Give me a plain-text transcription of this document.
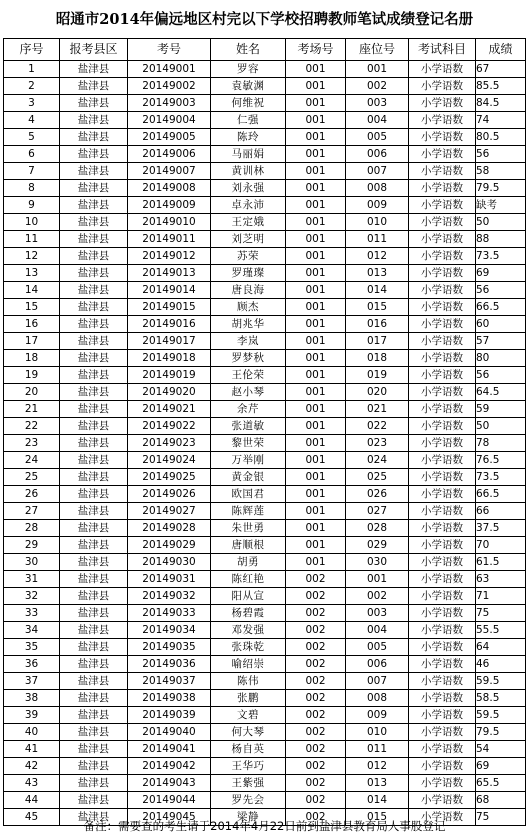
昭通市2014年偏远地区村完以下学校招聘教师笔试成绩登记名册
序号	报考县区	考号	姓名	考场号	座位号	考试科目	成绩
1	盐津县	20149001	罗容	001	001	小学语数	67
2	盐津县	20149002	袁敏渊	001	002	小学语数	85.5
3	盐津县	20149003	何维祝	001	003	小学语数	84.5
4	盐津县	20149004	仁强	001	004	小学语数	74
5	盐津县	20149005	陈玲	001	005	小学语数	80.5
6	盐津县	20149006	马丽娟	001	006	小学语数	56
7	盐津县	20149007	黄训林	001	007	小学语数	58
8	盐津县	20149008	刘永强	001	008	小学语数	79.5
9	盐津县	20149009	卓永沛	001	009	小学语数	缺考
10	盐津县	20149010	王定娥	001	010	小学语数	50
11	盐津县	20149011	刘芝明	001	011	小学语数	88
12	盐津县	20149012	苏荣	001	012	小学语数	73.5
13	盐津县	20149013	罗瑾璨	001	013	小学语数	69
14	盐津县	20149014	唐良海	001	014	小学语数	56
15	盐津县	20149015	顾杰	001	015	小学语数	66.5
16	盐津县	20149016	胡兆华	001	016	小学语数	60
17	盐津县	20149017	李岚	001	017	小学语数	57
18	盐津县	20149018	罗梦秋	001	018	小学语数	80
19	盐津县	20149019	王伦荣	001	019	小学语数	56
20	盐津县	20149020	赵小琴	001	020	小学语数	64.5
21	盐津县	20149021	余芹	001	021	小学语数	59
22	盐津县	20149022	张道敏	001	022	小学语数	50
23	盐津县	20149023	黎世荣	001	023	小学语数	78
24	盐津县	20149024	万举刚	001	024	小学语数	76.5
25	盐津县	20149025	黄金银	001	025	小学语数	73.5
26	盐津县	20149026	欧国君	001	026	小学语数	66.5
27	盐津县	20149027	陈辉莲	001	027	小学语数	66
28	盐津县	20149028	朱世勇	001	028	小学语数	37.5
29	盐津县	20149029	唐顺根	001	029	小学语数	70
30	盐津县	20149030	胡勇	001	030	小学语数	61.5
31	盐津县	20149031	陈红艳	002	001	小学语数	63
32	盐津县	20149032	阳从宣	002	002	小学语数	71
33	盐津县	20149033	杨碧霞	002	003	小学语数	75
34	盐津县	20149034	邓发强	002	004	小学语数	55.5
35	盐津县	20149035	张珠乾	002	005	小学语数	64
36	盐津县	20149036	喻绍崇	002	006	小学语数	46
37	盐津县	20149037	陈伟	002	007	小学语数	59.5
38	盐津县	20149038	张鹏	002	008	小学语数	58.5
39	盐津县	20149039	文碧	002	009	小学语数	59.5
40	盐津县	20149040	何大琴	002	010	小学语数	79.5
41	盐津县	20149041	杨自英	002	011	小学语数	54
42	盐津县	20149042	王华巧	002	012	小学语数	69
43	盐津县	20149043	王紫强	002	013	小学语数	65.5
44	盐津县	20149044	罗先会	002	014	小学语数	68
45	盐津县	20149045	梁静	002	015	小学语数	75
备注：需要查的考生请于2014年4月22日前到盐津县教育局人事股登记
